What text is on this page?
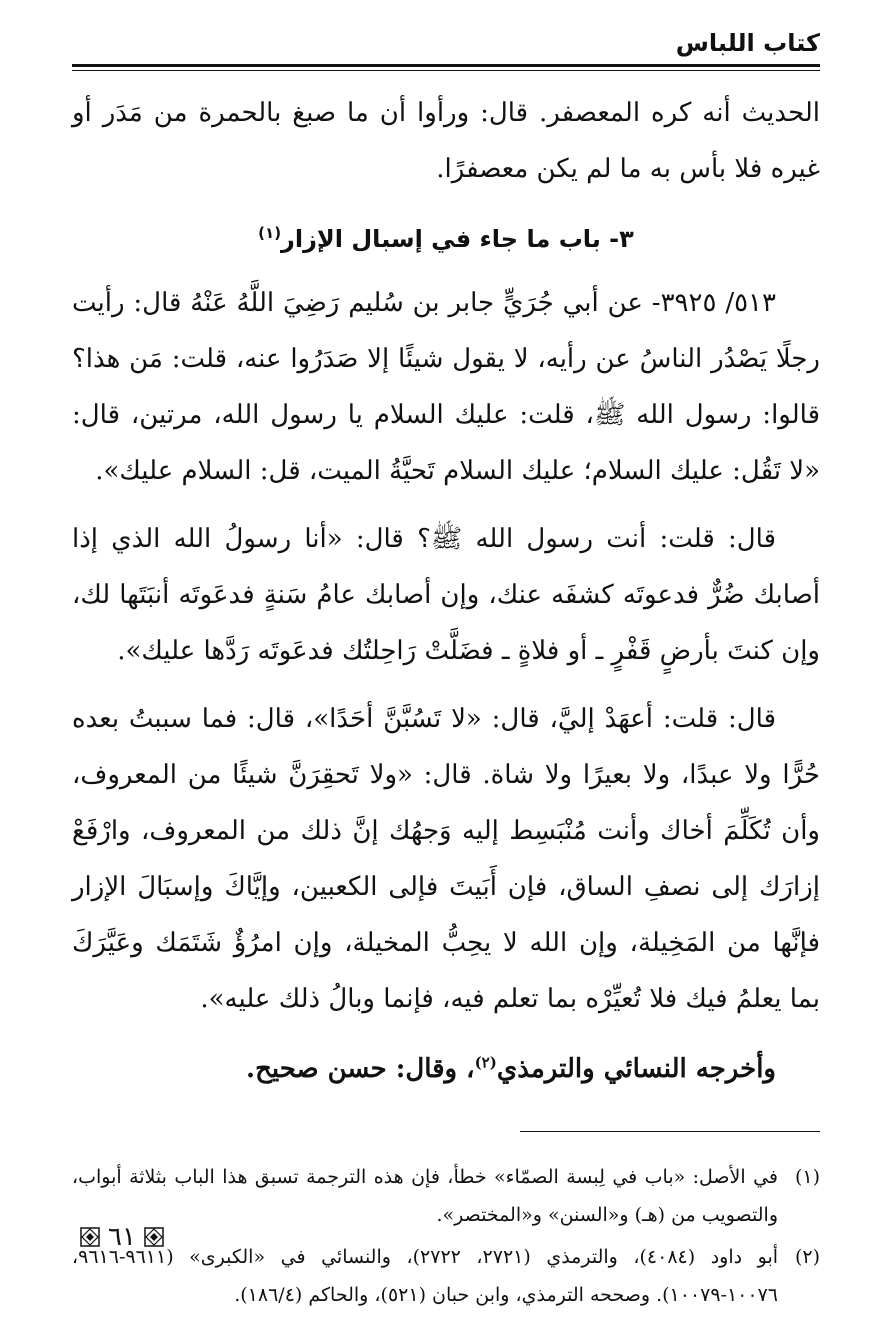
كتاب اللباس

الحديث أنه كره المعصفر. قال: ورأوا أن ما صبغ بالحمرة من مَدَر أو غيره فلا بأس به ما لم يكن معصفرًا.

٣- باب ما جاء في إسبال الإزار$^{(١)}$

٥١٣/ ٣٩٢٥- عن أبي جُرَيٍّ جابر بن سُليم رَضِيَ اللَّهُ عَنْهُ قال: رأيت رجلًا يَصْدُر الناسُ عن رأيه، لا يقول شيئًا إلا صَدَرُوا عنه، قلت: مَن هذا؟ قالوا: رسول الله ﷺ، قلت: عليك السلام يا رسول الله، مرتين، قال: «لا تَقُل: عليك السلام؛ عليك السلام تَحيَّةُ الميت، قل: السلام عليك».

قال: قلت: أنت رسول الله ﷺ؟ قال: «أنا رسولُ الله الذي إذا أصابك ضُرٌّ فدعوتَه كشفَه عنك، وإن أصابك عامُ سَنةٍ فدعَوتَه أنبَتَها لك، وإن كنتَ بأرضٍ قَفْرٍ ـ أو فلاةٍ ـ فضَلَّتْ رَاحِلتُك فدعَوتَه رَدَّها عليك».

قال: قلت: أعهَدْ إليَّ، قال: «لا تَسُبَّنَّ أحَدًا»، قال: فما سببتُ بعده حُرًّا ولا عبدًا، ولا بعيرًا ولا شاة. قال: «ولا تَحقِرَنَّ شيئًا من المعروف، وأن تُكَلِّمَ أخاك وأنت مُنْبَسِط إليه وَجهُك إنَّ ذلك من المعروف، وارْفَعْ إزارَك إلى نصفِ الساق، فإن أَبَيتَ فإلى الكعبين، وإيَّاكَ وإسبَالَ الإزار فإنَّها من المَخِيلة، وإن الله لا يحِبُّ المخيلة، وإن امرُؤٌ شَتَمَك وعَيَّرَكَ بما يعلمُ فيك فلا تُعيِّرْه بما تعلم فيه، فإنما وبالُ ذلك عليه».

وأخرجه النسائي والترمذي$^{(٢)}$، وقال: حسن صحيح.

(١)
في الأصل: «باب في لِبسة الصمّاء» خطأ، فإن هذه الترجمة تسبق هذا الباب بثلاثة أبواب، والتصويب من (هـ) و«السنن» و«المختصر».
(٢)
أبو داود (٤٠٨٤)، والترمذي (٢٧٢١، ٢٧٢٢)، والنسائي في «الكبرى» (٩٦١١-٩٦١٦، ١٠٠٧٦-١٠٠٧٩). وصححه الترمذي، وابن حبان (٥٢١)، والحاكم (١٨٦/٤).
٦١
